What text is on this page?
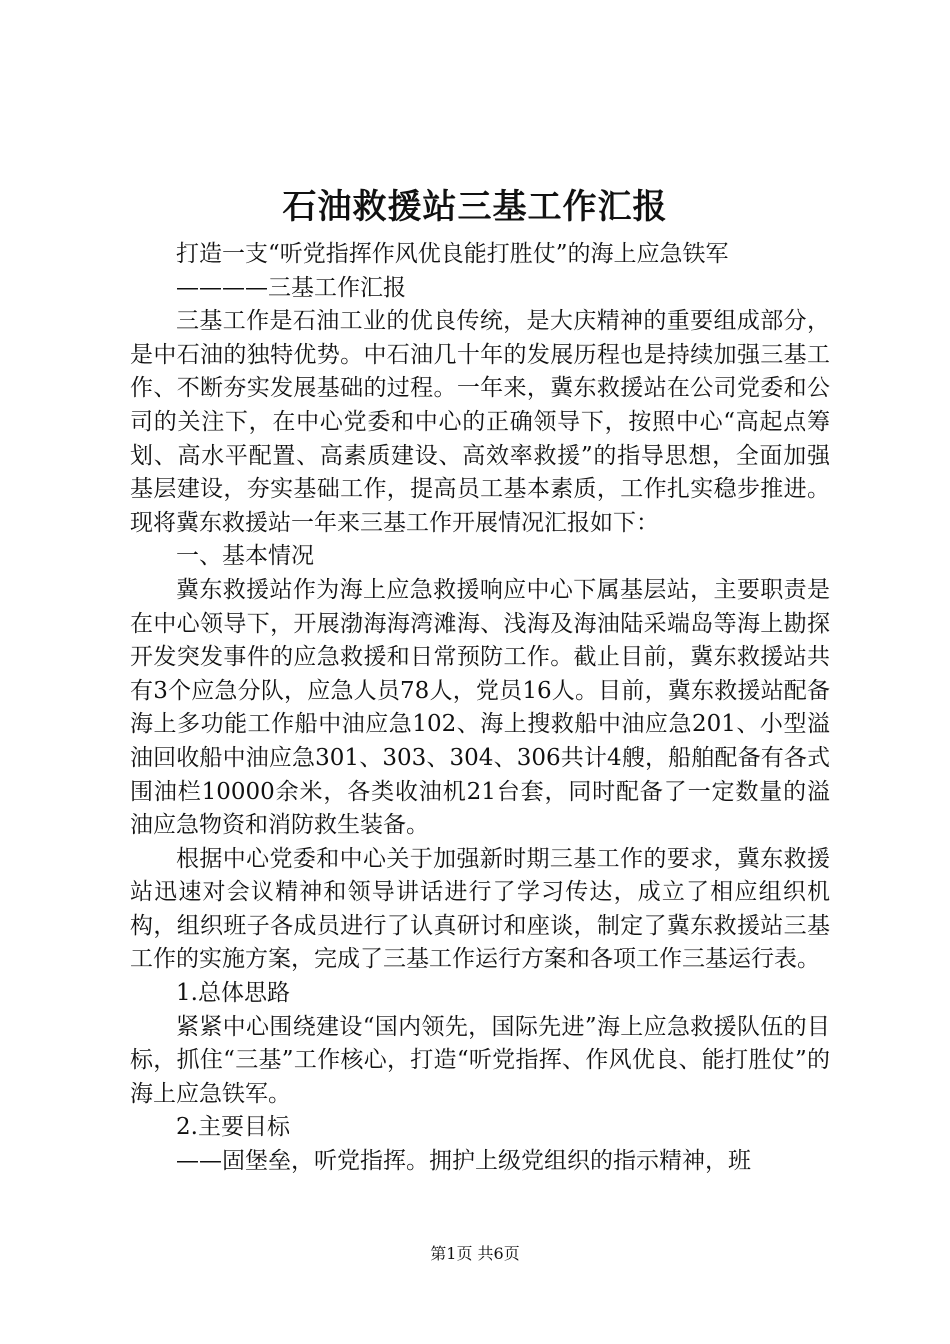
石油救援站三基工作汇报

打造一支“听党指挥作风优良能打胜仗”的海上应急铁军

————三基工作汇报

三基工作是石油工业的优良传统，是大庆精神的重要组成部分，是中石油的独特优势。中石油几十年的发展历程也是持续加强三基工作、不断夯实发展基础的过程。一年来，冀东救援站在公司党委和公司的关注下，在中心党委和中心的正确领导下，按照中心“高起点筹划、高水平配置、高素质建设、高效率救援”的指导思想，全面加强基层建设，夯实基础工作，提高员工基本素质，工作扎实稳步推进。现将冀东救援站一年来三基工作开展情况汇报如下：

一、基本情况

冀东救援站作为海上应急救援响应中心下属基层站，主要职责是在中心领导下，开展渤海海湾滩海、浅海及海油陆采端岛等海上勘探开发突发事件的应急救援和日常预防工作。截止目前，冀东救援站共有3个应急分队，应急人员78人，党员16人。目前，冀东救援站配备海上多功能工作船中油应急102、海上搜救船中油应急201、小型溢油回收船中油应急301、303、304、306共计4艘，船舶配备有各式围油栏10000余米，各类收油机21台套，同时配备了一定数量的溢油应急物资和消防救生装备。

根据中心党委和中心关于加强新时期三基工作的要求，冀东救援站迅速对会议精神和领导讲话进行了学习传达，成立了相应组织机构，组织班子各成员进行了认真研讨和座谈，制定了冀东救援站三基工作的实施方案，完成了三基工作运行方案和各项工作三基运行表。

1.总体思路

紧紧中心围绕建设“国内领先，国际先进”海上应急救援队伍的目标，抓住“三基”工作核心，打造“听党指挥、作风优良、能打胜仗”的海上应急铁军。

2.主要目标

——固堡垒，听党指挥。拥护上级党组织的指示精神，班

第1页 共6页
